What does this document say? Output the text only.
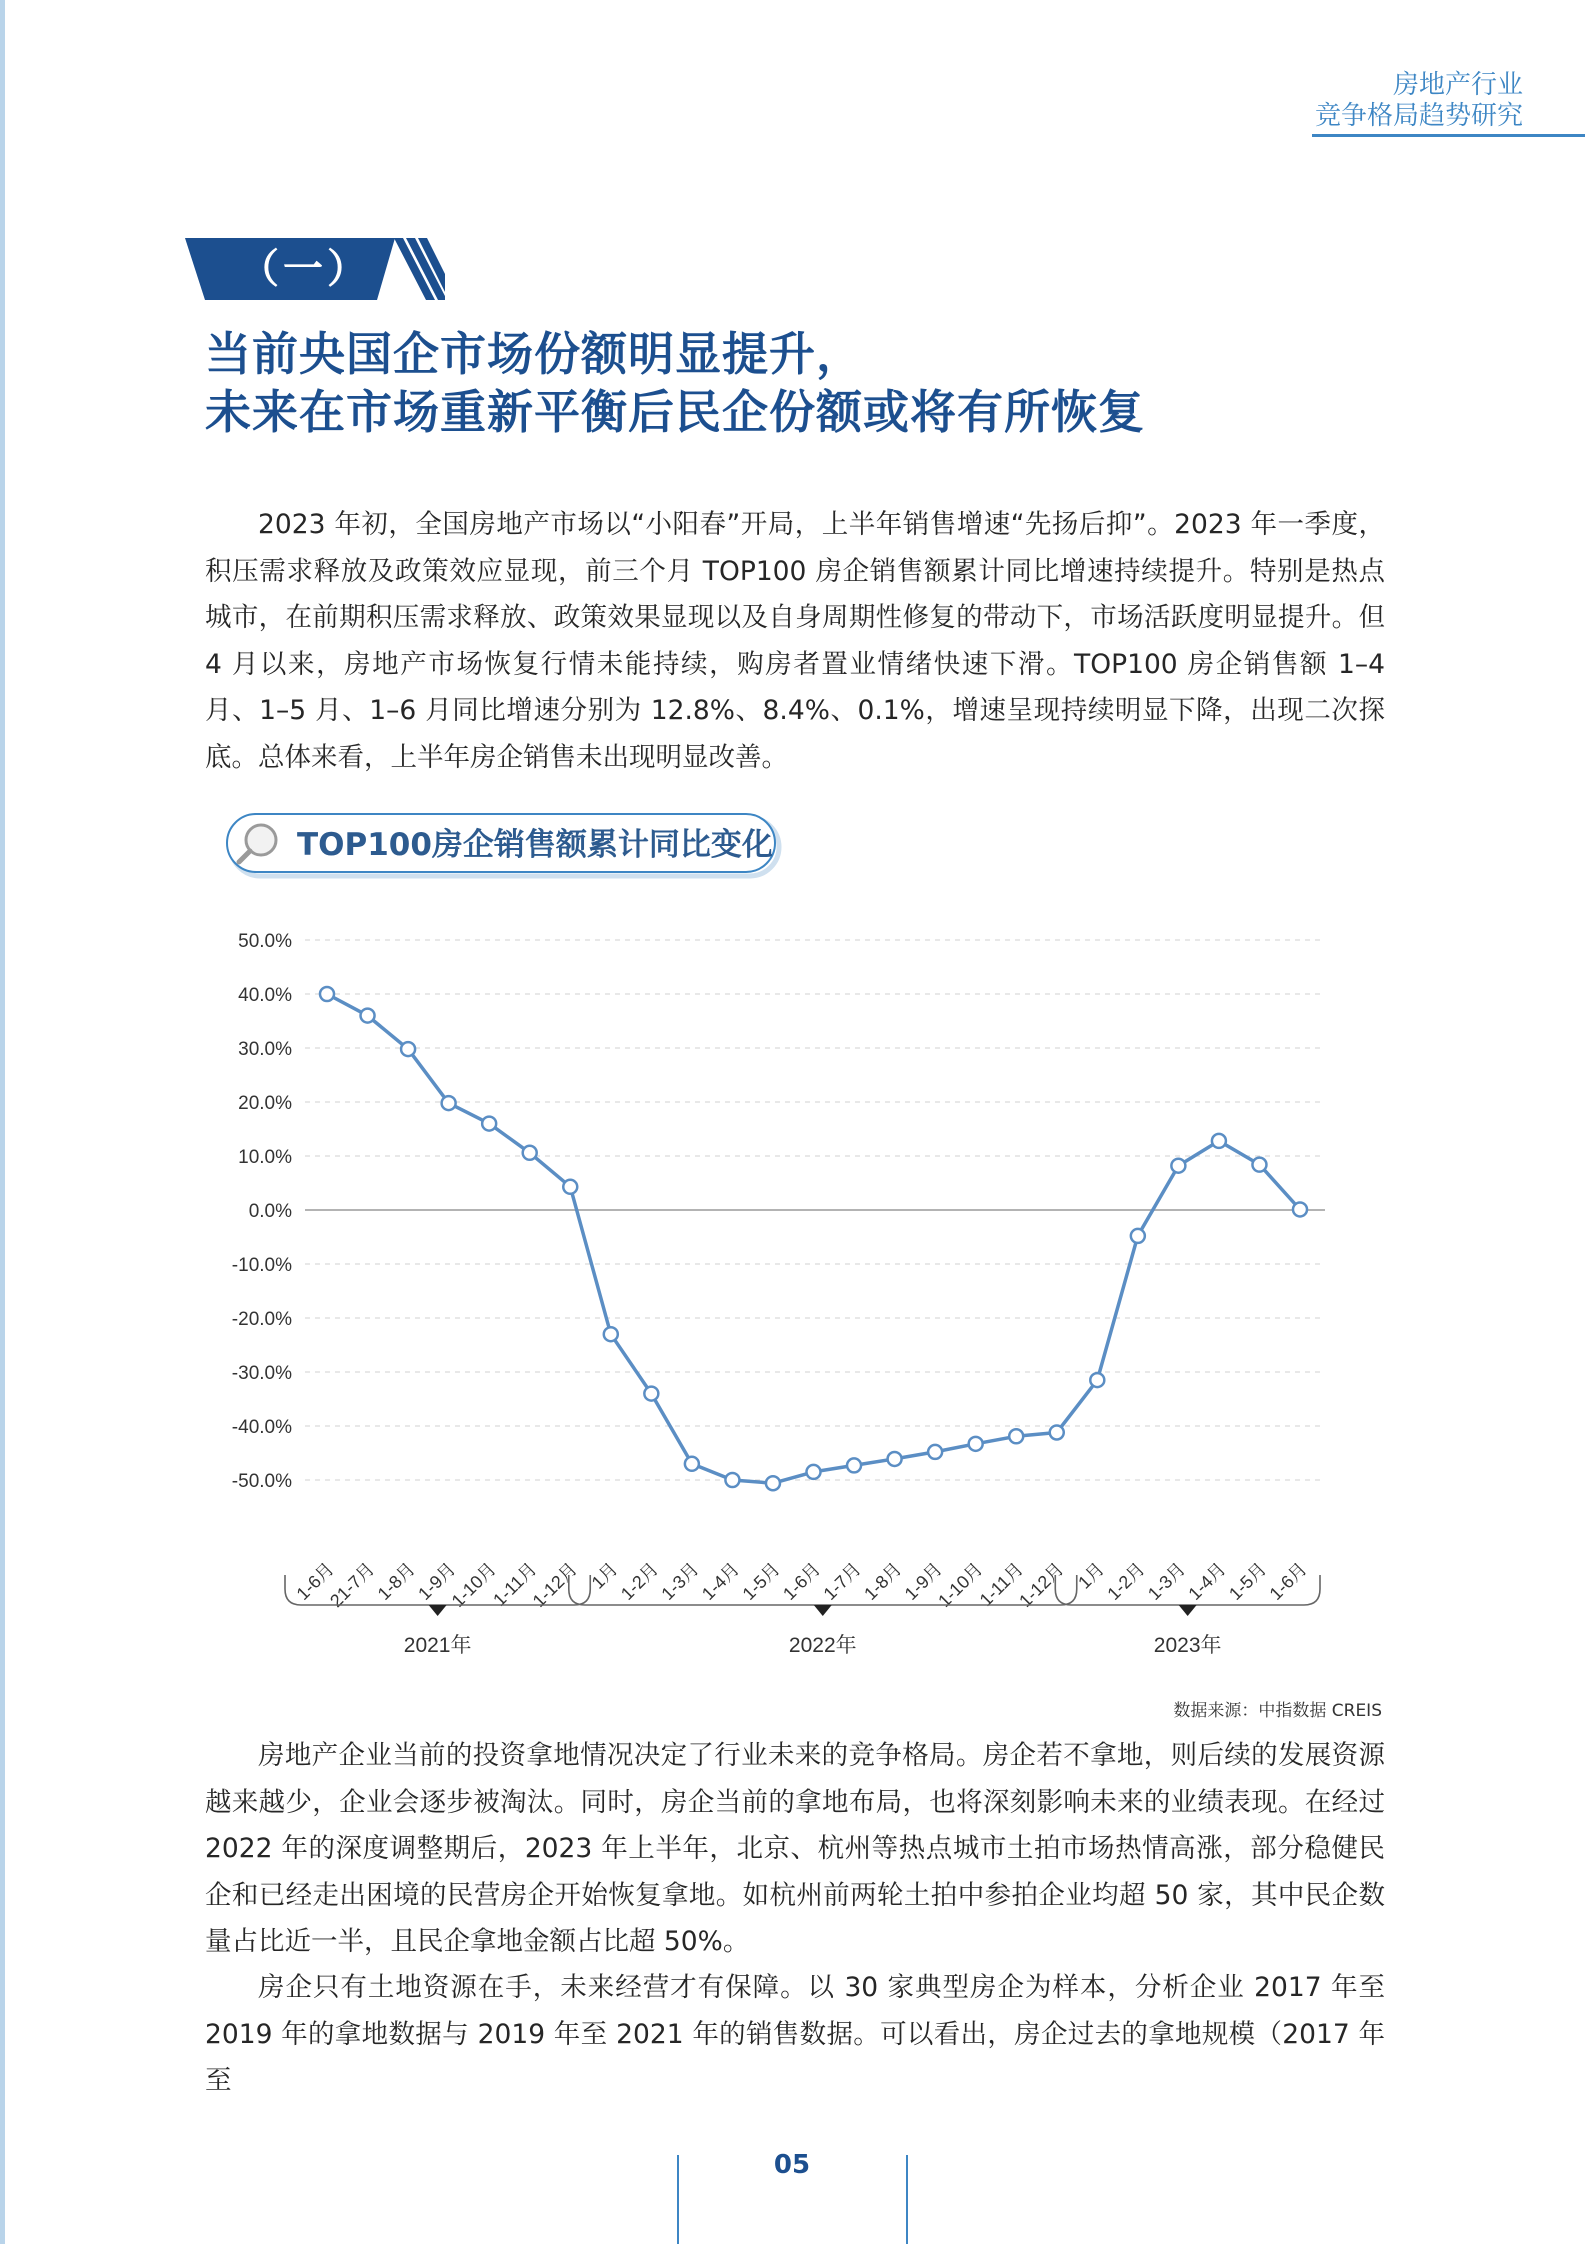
房地产行业
竞争格局趋势研究
（一）
当前央国企市场份额明显提升，
未来在市场重新平衡后民企份额或将有所恢复

2023 年初，全国房地产市场以“小阳春”开局，上半年销售增速“先扬后抑”。2023 年一季度，积压需求释放及政策效应显现，前三个月 TOP100 房企销售额累计同比增速持续提升。特别是热点城市，在前期积压需求释放、政策效果显现以及自身周期性修复的带动下，市场活跃度明显提升。但 4 月以来，房地产市场恢复行情未能持续，购房者置业情绪快速下滑。TOP100 房企销售额 1–4 月、1–5 月、1–6 月同比增速分别为 12.8%、8.4%、0.1%，增速呈现持续明显下降，出现二次探底。总体来看，上半年房企销售未出现明显改善。

TOP100房企销售额累计同比变化
50.0%
40.0%
30.0%
20.0%
10.0%
0.0%
-10.0%
-20.0%
-30.0%
-40.0%
-50.0%
1-6月
21-7月
1-8月
1-9月
1-10月
1-11月
1-12月 1月
1-2月
1-3月
1-4月
1-5月
1-6月
1-7月
1-8月
1-9月
1-10月
1-11月
1-12月 1月
1-2月
1-3月
1-4月
1-5月
1-6月
2021年	2022年	2023年
数据来源：中指数据 CREIS

房地产企业当前的投资拿地情况决定了行业未来的竞争格局。房企若不拿地，则后续的发展资源越来越少，企业会逐步被淘汰。同时，房企当前的拿地布局，也将深刻影响未来的业绩表现。在经过 2022 年的深度调整期后，2023 年上半年，北京、杭州等热点城市土拍市场热情高涨，部分稳健民企和已经走出困境的民营房企开始恢复拿地。如杭州前两轮土拍中参拍企业均超 50 家，其中民企数量占比近一半，且民企拿地金额占比超 50%。

房企只有土地资源在手，未来经营才有保障。以 30 家典型房企为样本，分析企业 2017 年至 2019 年的拿地数据与 2019 年至 2021 年的销售数据。可以看出，房企过去的拿地规模（2017 年至

05
